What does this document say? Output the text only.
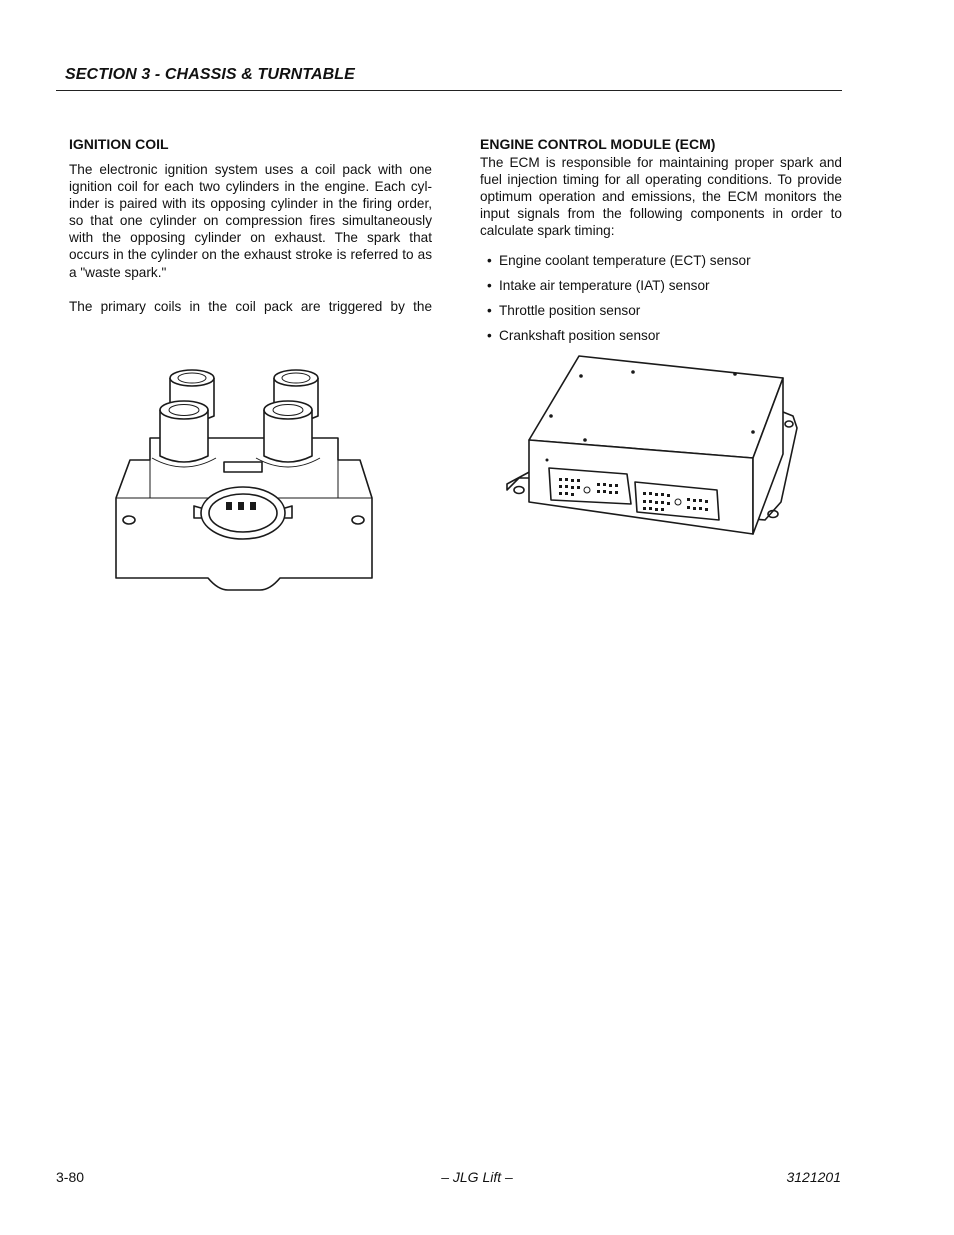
SECTION 3 - CHASSIS & TURNTABLE
IGNITION COIL

The electronic ignition system uses a coil pack with one ignition coil for each two cylinders in the engine. Each cyl-inder is paired with its opposing cylinder in the firing order, so that one cylinder on compression fires simultaneously with the opposing cylinder on exhaust. The spark that occurs in the cylinder on the exhaust stroke is referred to as a "waste spark."

The primary coils in the coil pack are triggered by the

ENGINE CONTROL MODULE (ECM)

The ECM is responsible for maintaining proper spark and fuel injection timing for all operating conditions. To provide optimum operation and emissions, the ECM monitors the input signals from the following components in order to calculate spark timing:

• Engine coolant temperature (ECT) sensor
• Intake air temperature (IAT) sensor
• Throttle position sensor
• Crankshaft position sensor
3-80	– JLG Lift –	3121201
